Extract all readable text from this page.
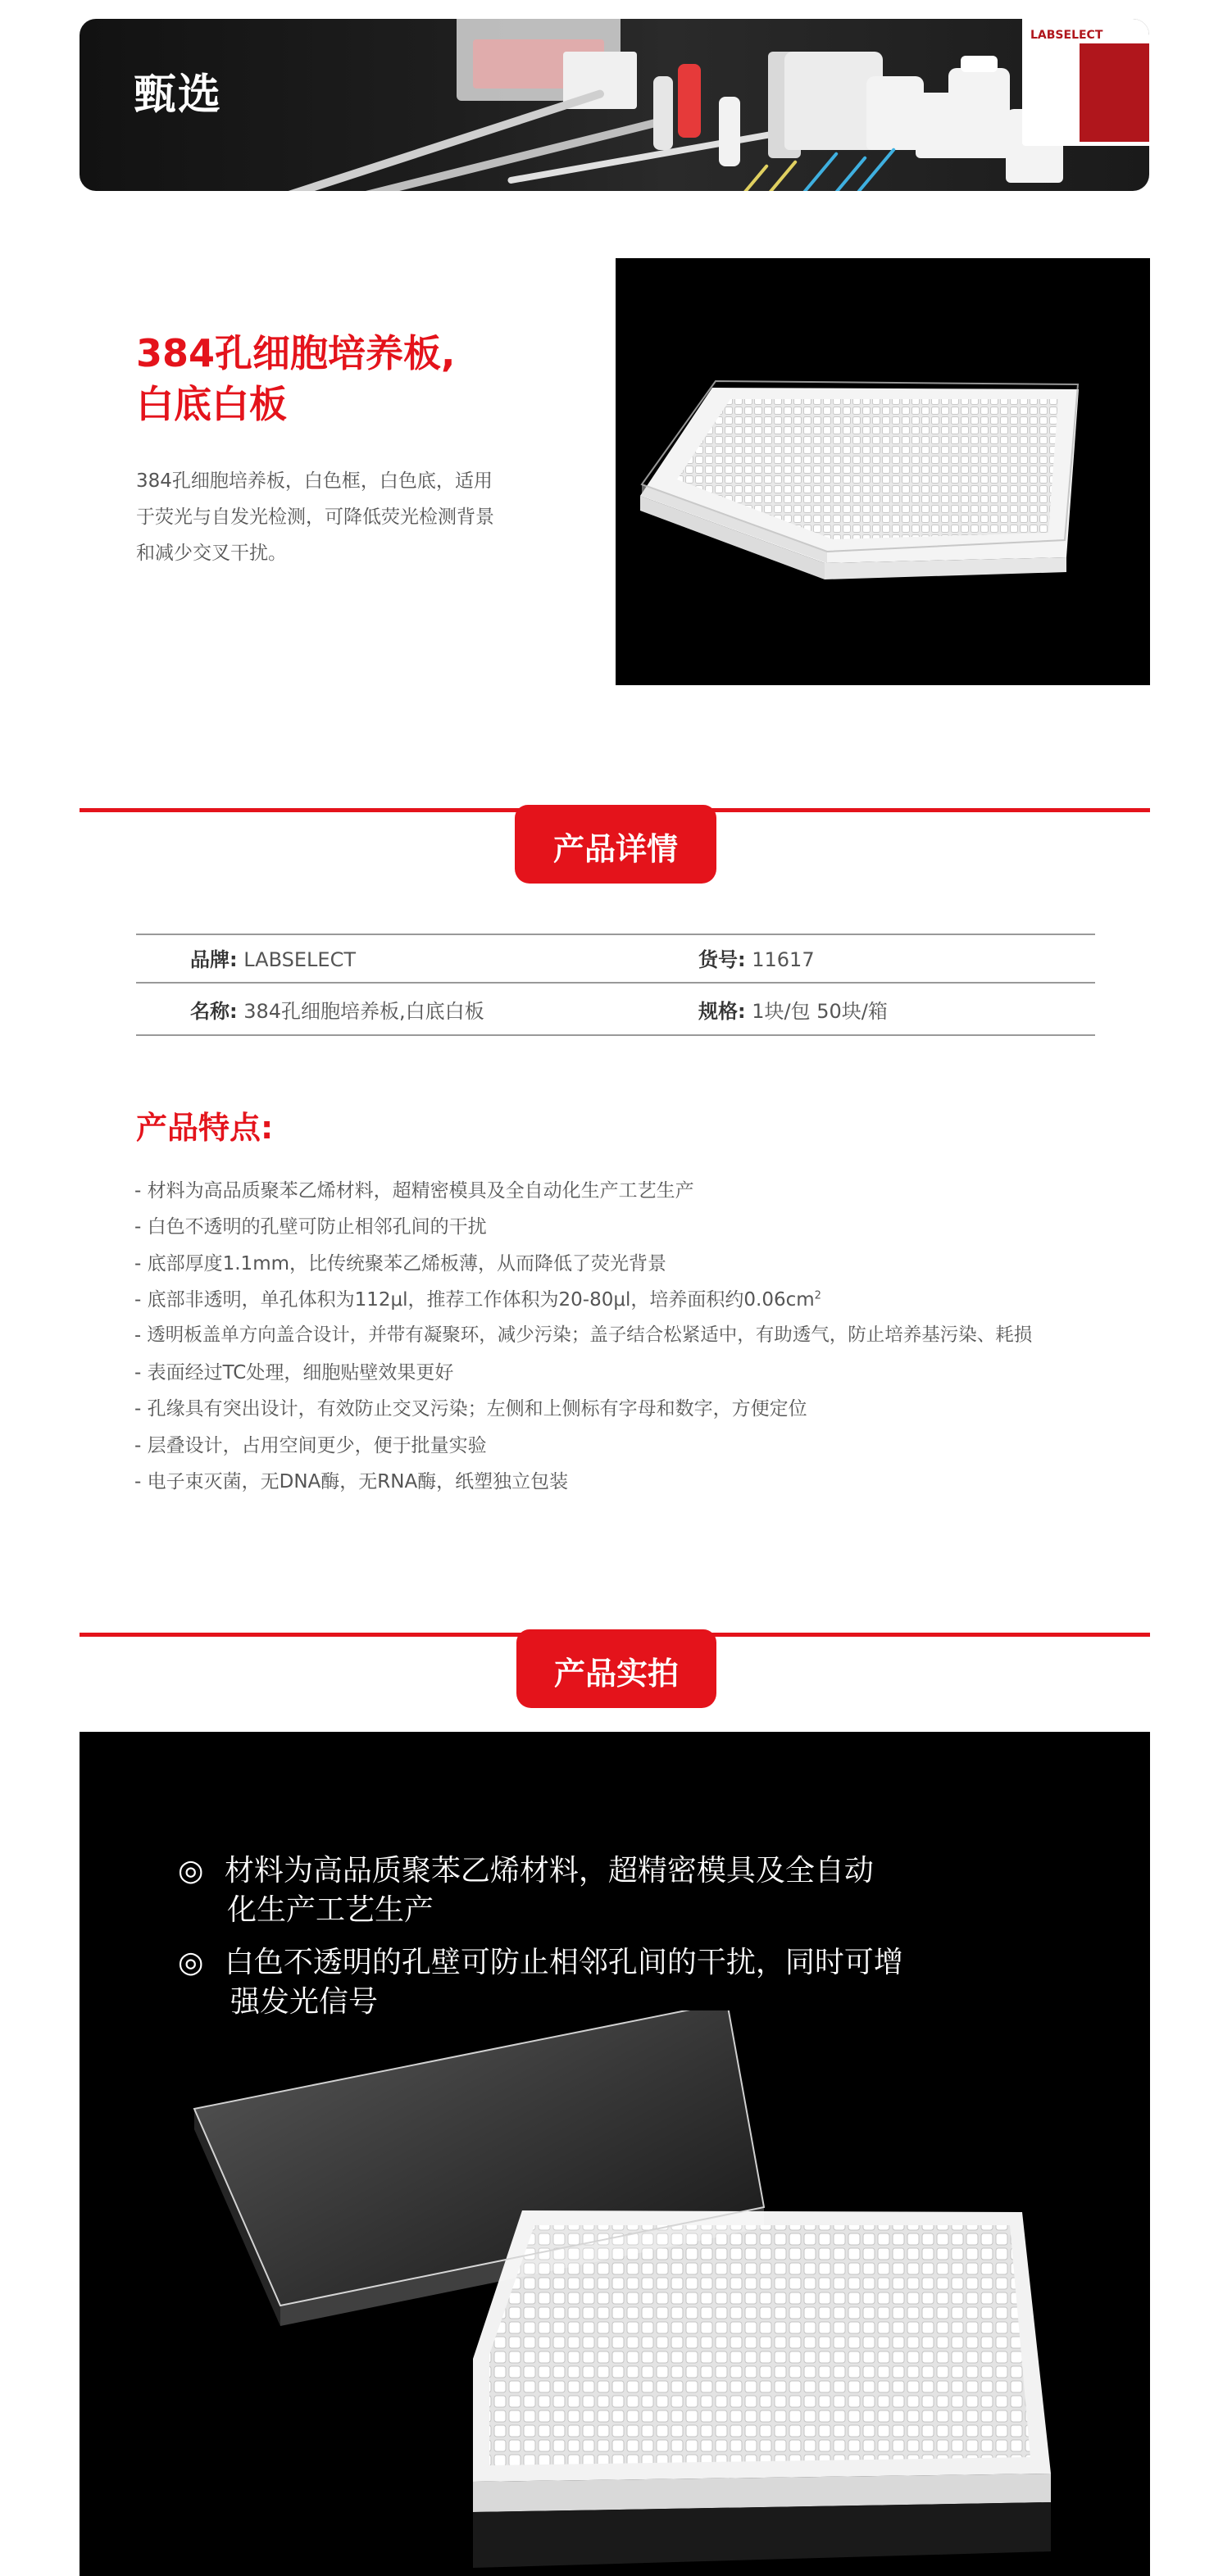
甄选
LABSELECT
384孔细胞培养板,
白底白板
384孔细胞培养板，白色框，白色底，适用
于荧光与自发光检测，可降低荧光检测背景
和减少交叉干扰。
产品详情
品牌: LABSELECT	货号: 11617
名称: 384孔细胞培养板,白底白板	规格: 1块/包 50块/箱
产品特点:
- 材料为高品质聚苯乙烯材料，超精密模具及全自动化生产工艺生产
- 白色不透明的孔壁可防止相邻孔间的干扰
- 底部厚度1.1mm，比传统聚苯乙烯板薄，从而降低了荧光背景
- 底部非透明，单孔体积为112μl，推荐工作体积为20-80μl，培养面积约$0.06cm^2$
- 透明板盖单方向盖合设计，并带有凝聚环，减少污染；盖子结合松紧适中，有助透气，防止培养基污染、耗损
- 表面经过TC处理，细胞贴壁效果更好
- 孔缘具有突出设计，有效防止交叉污染；左侧和上侧标有字母和数字，方便定位
- 层叠设计，占用空间更少，便于批量实验
- 电子束灭菌，无DNA酶，无RNA酶，纸塑独立包装
产品实拍
◎ 材料为高品质聚苯乙烯材料，超精密模具及全自动
化生产工艺生产
◎ 白色不透明的孔壁可防止相邻孔间的干扰，同时可增
强发光信号
